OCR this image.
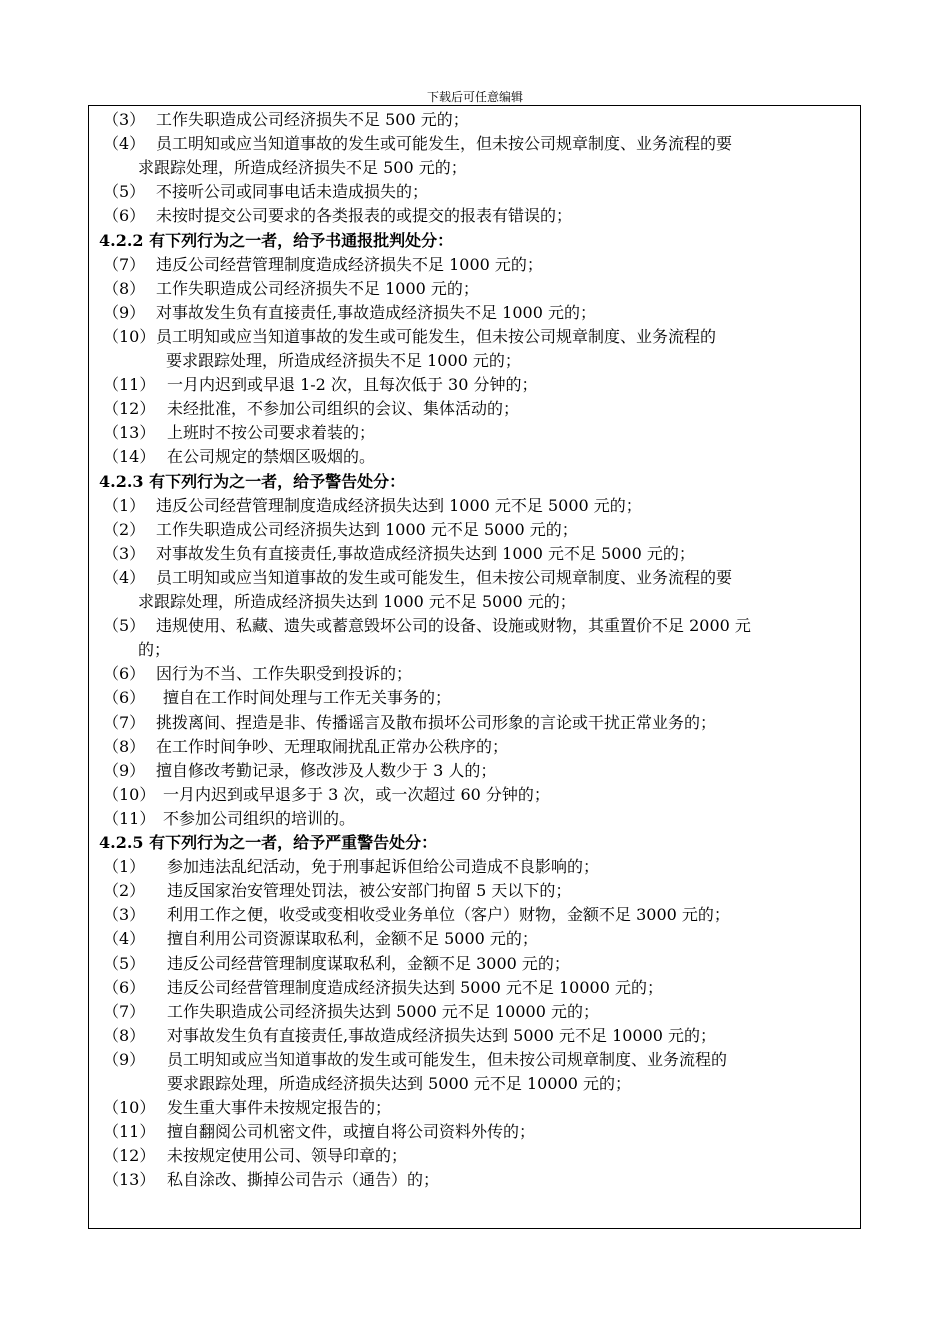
下载后可任意编辑
（3） 工作失职造成公司经济损失不足 500 元的；
（4） 员工明知或应当知道事故的发生或可能发生，但未按公司规章制度、业务流程的要
求跟踪处理，所造成经济损失不足 500 元的；
（5） 不接听公司或同事电话未造成损失的；
（6） 未按时提交公司要求的各类报表的或提交的报表有错误的；
4.2.2 有下列行为之一者，给予书通报批判处分：
（7） 违反公司经营管理制度造成经济损失不足 1000 元的；
（8） 工作失职造成公司经济损失不足 1000 元的；
（9） 对事故发生负有直接责任,事故造成经济损失不足 1000 元的；
（10） 员工明知或应当知道事故的发生或可能发生，但未按公司规章制度、业务流程的
要求跟踪处理，所造成经济损失不足 1000 元的；
（11） 一月内迟到或早退 1-2 次，且每次低于 30 分钟的；
（12） 未经批准，不参加公司组织的会议、集体活动的；
（13） 上班时不按公司要求着装的；
（14） 在公司规定的禁烟区吸烟的。
4.2.3 有下列行为之一者，给予警告处分：
（1） 违反公司经营管理制度造成经济损失达到 1000 元不足 5000 元的；
（2） 工作失职造成公司经济损失达到 1000 元不足 5000 元的；
（3） 对事故发生负有直接责任,事故造成经济损失达到 1000 元不足 5000 元的；
（4） 员工明知或应当知道事故的发生或可能发生，但未按公司规章制度、业务流程的要
求跟踪处理，所造成经济损失达到 1000 元不足 5000 元的；
（5） 违规使用、私藏、遗失或蓄意毁坏公司的设备、设施或财物，其重置价不足 2000 元
的；
（6） 因行为不当、工作失职受到投诉的；
（6） 擅自在工作时间处理与工作无关事务的；
（7） 挑拨离间、捏造是非、传播谣言及散布损坏公司形象的言论或干扰正常业务的；
（8） 在工作时间争吵、无理取闹扰乱正常办公秩序的；
（9） 擅自修改考勤记录，修改涉及人数少于 3 人的；
（10） 一月内迟到或早退多于 3 次，或一次超过 60 分钟的；
（11） 不参加公司组织的培训的。
4.2.5 有下列行为之一者，给予严重警告处分：
（1） 参加违法乱纪活动，免于刑事起诉但给公司造成不良影响的；
（2） 违反国家治安管理处罚法，被公安部门拘留 5 天以下的；
（3） 利用工作之便，收受或变相收受业务单位（客户）财物，金额不足 3000 元的；
（4） 擅自利用公司资源谋取私利，金额不足 5000 元的；
（5） 违反公司经营管理制度谋取私利，金额不足 3000 元的；
（6） 违反公司经营管理制度造成经济损失达到 5000 元不足 10000 元的；
（7） 工作失职造成公司经济损失达到 5000 元不足 10000 元的；
（8） 对事故发生负有直接责任,事故造成经济损失达到 5000 元不足 10000 元的；
（9） 员工明知或应当知道事故的发生或可能发生，但未按公司规章制度、业务流程的
要求跟踪处理，所造成经济损失达到 5000 元不足 10000 元的；
（10） 发生重大事件未按规定报告的；
（11） 擅自翻阅公司机密文件，或擅自将公司资料外传的；
（12） 未按规定使用公司、领导印章的；
（13） 私自涂改、撕掉公司告示（通告）的；
